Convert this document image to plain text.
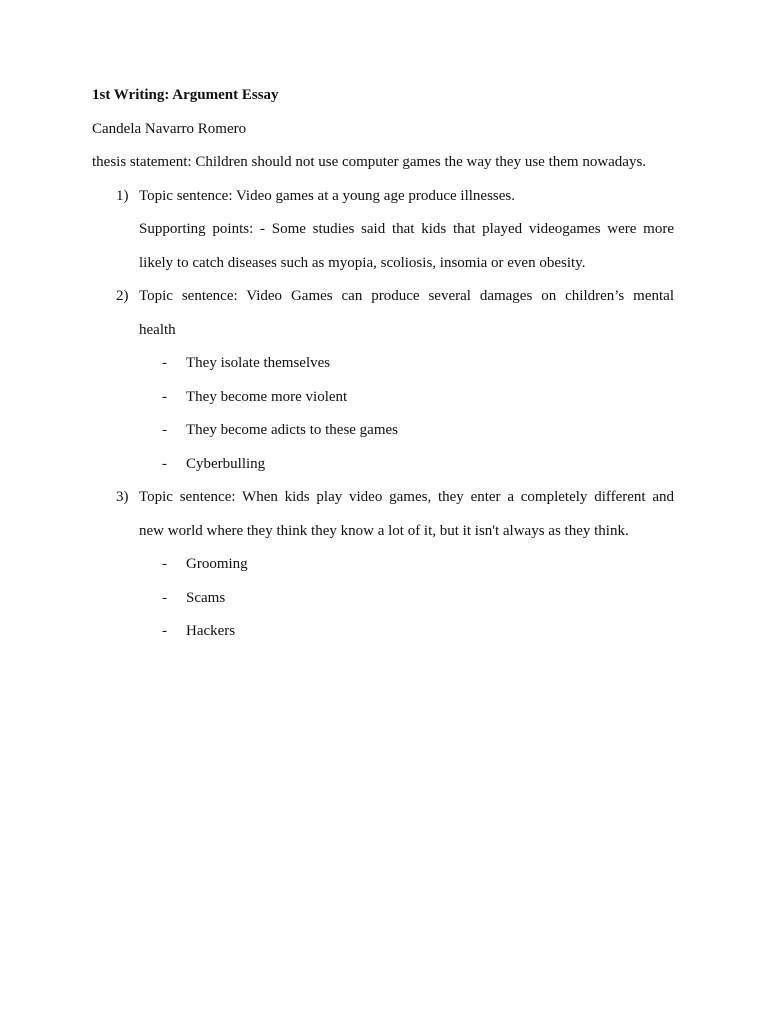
1st Writing: Argument Essay
Candela Navarro Romero
thesis statement: Children should not use computer games the way they use them nowadays.
1) Topic sentence: Video games at a young age produce illnesses.
Supporting points: - Some studies said that kids that played videogames were more
likely to catch diseases such as myopia, scoliosis, insomia or even obesity.
2) Topic sentence: Video Games can produce several damages on children’s mental
health
- They isolate themselves
- They become more violent
- They become adicts to these games
- Cyberbulling
3) Topic sentence: When kids play video games, they enter a completely different and
new world where they think they know a lot of it, but it isn't always as they think.
- Grooming
- Scams
- Hackers
